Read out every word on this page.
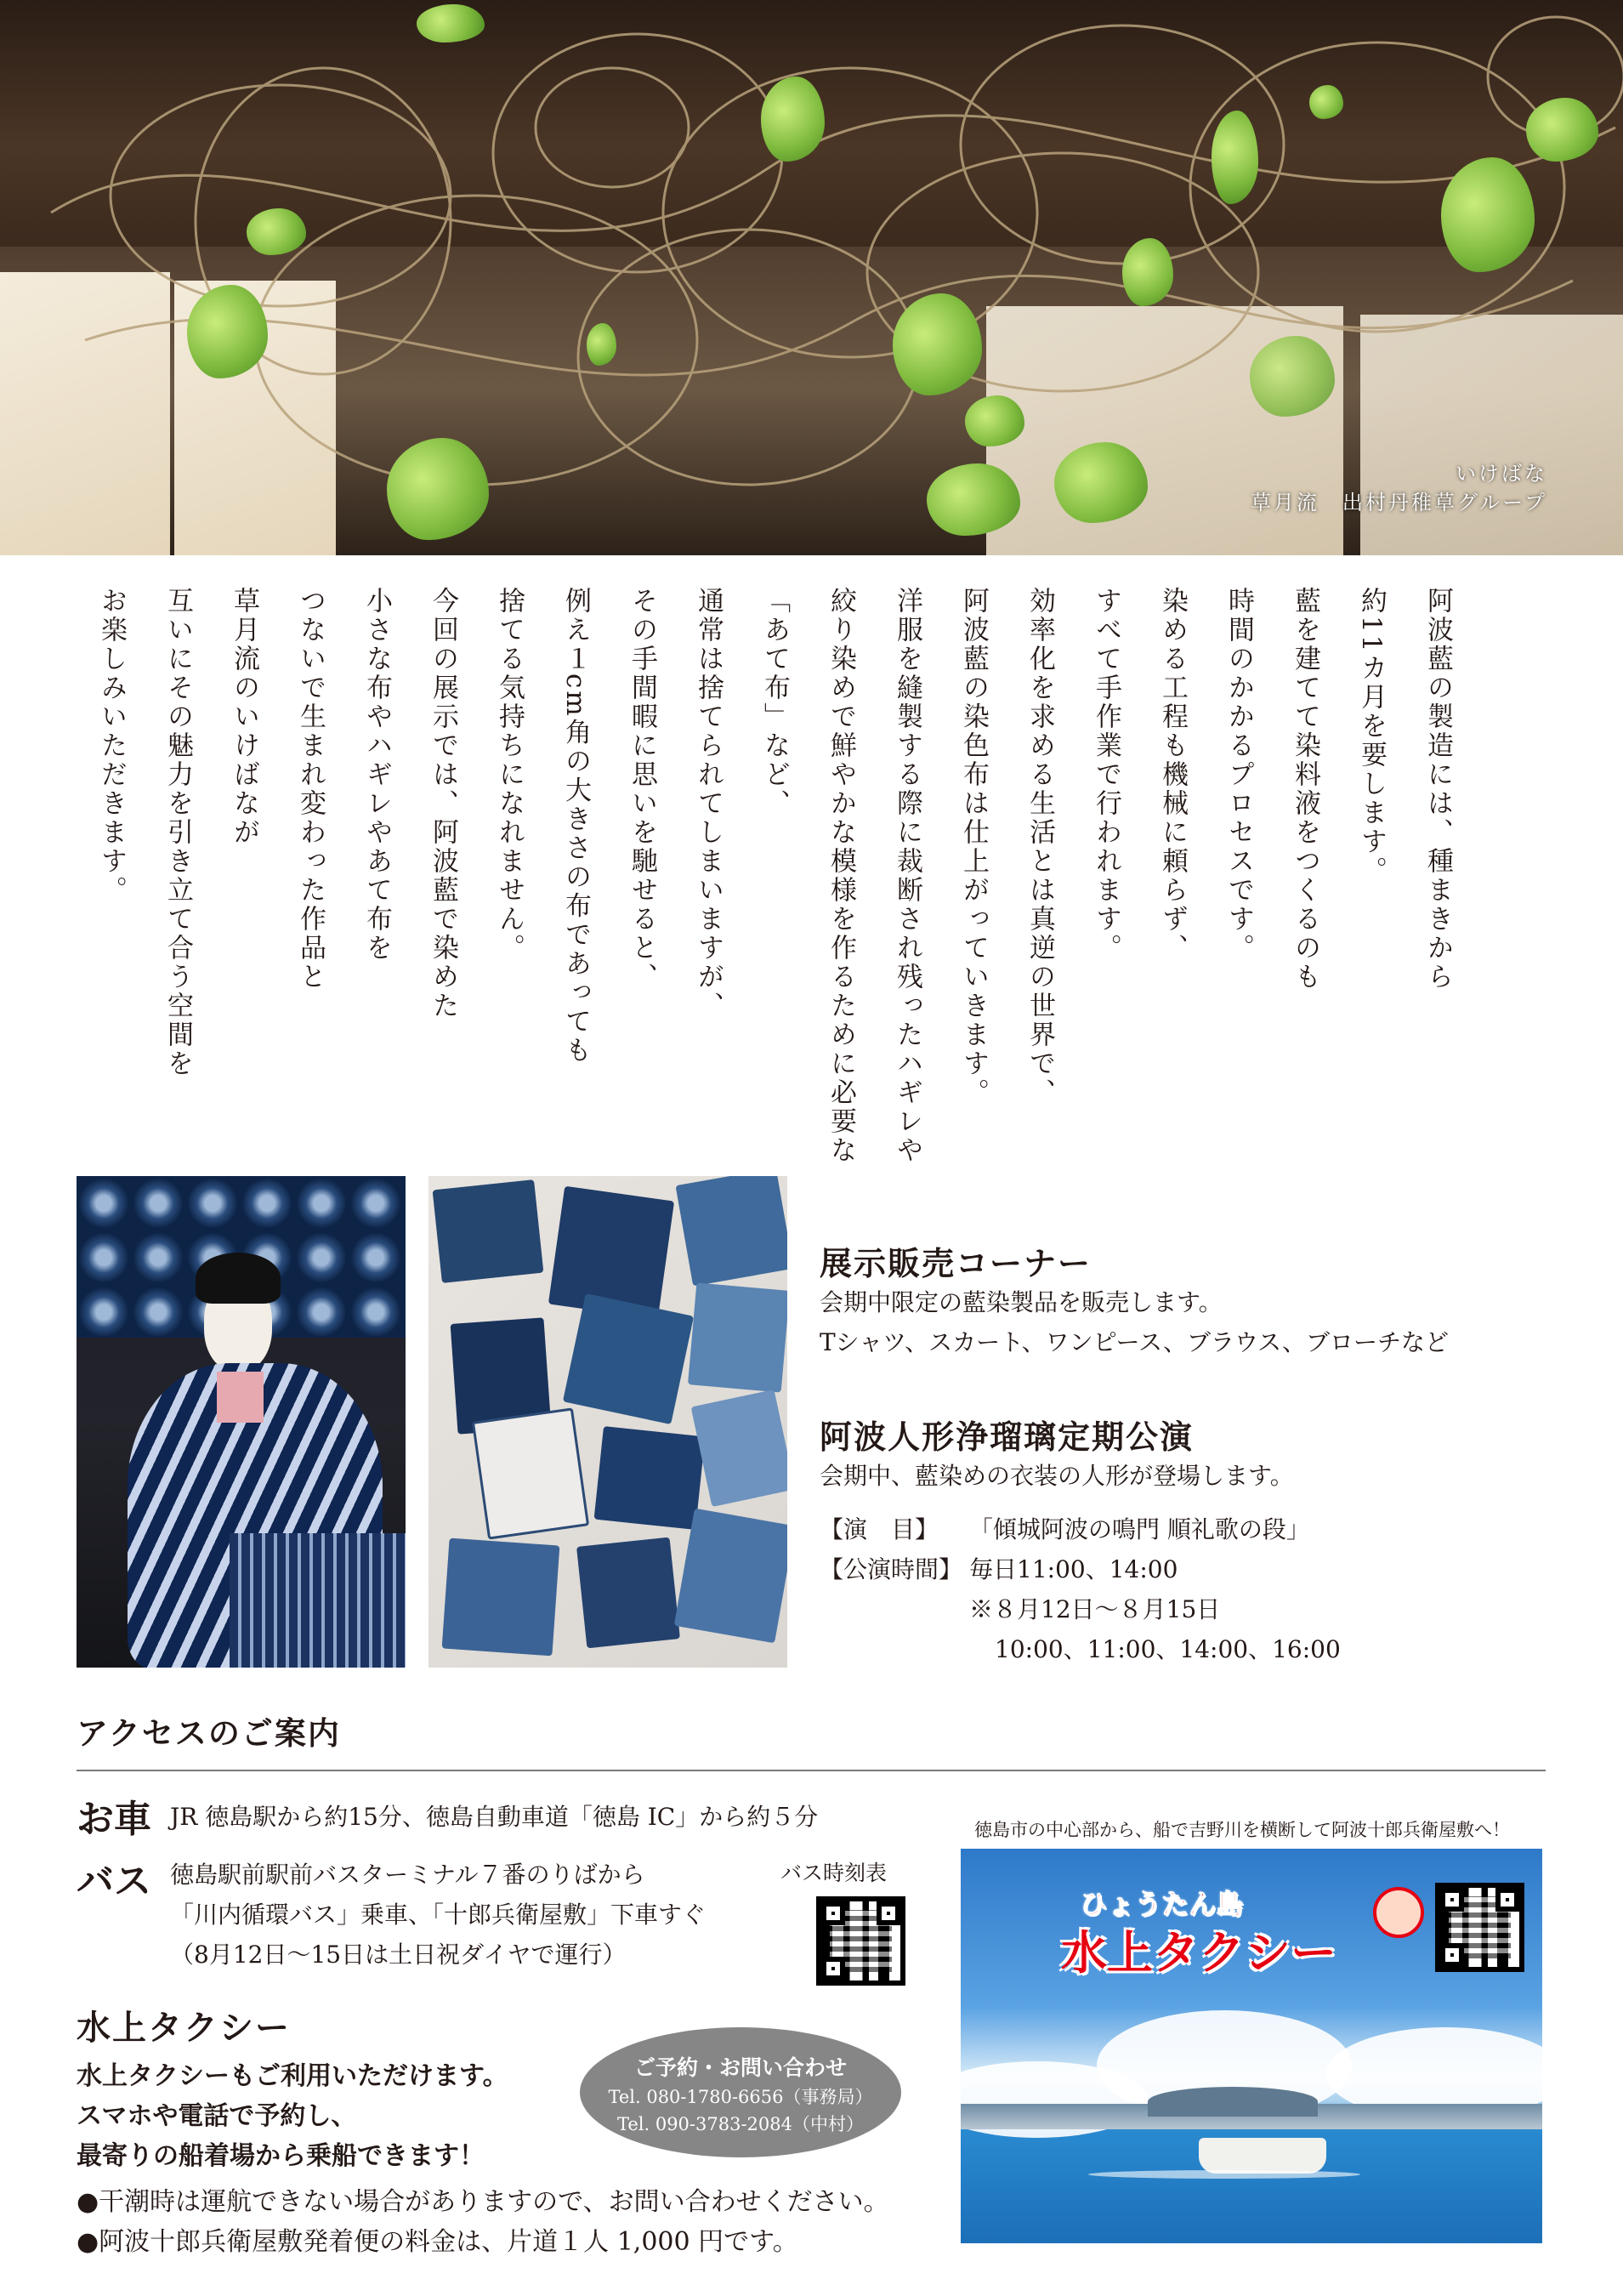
いけばな
草月流　出村丹稚草グループ

阿波藍の製造には、種まきから

約11カ月を要します。

藍を建てて染料液をつくるのも

時間のかかるプロセスです。

染める工程も機械に頼らず、

すべて手作業で行われます。

効率化を求める生活とは真逆の世界で、

阿波藍の染色布は仕上がっていきます。

洋服を縫製する際に裁断され残ったハギレや

絞り染めで鮮やかな模様を作るために必要な

「あて布」など、

通常は捨てられてしまいますが、

その手間暇に思いを馳せると、

例え１cm角の大きさの布であっても

捨てる気持ちになれません。

今回の展示では、阿波藍で染めた

小さな布やハギレやあて布を

つないで生まれ変わった作品と

草月流のいけばなが

互いにその魅力を引き立て合う空間を

お楽しみいただきます。

展示販売コーナー
会期中限定の藍染製品を販売します。
Tシャツ、スカート、ワンピース、ブラウス、ブローチなど
阿波人形浄瑠璃定期公演
会期中、藍染めの衣装の人形が登場します。
【演　目】 「傾城阿波の鳴門 順礼歌の段」
【公演時間】 毎日11:00、14:00
※８月12日～８月15日
10:00、11:00、14:00、16:00
アクセスのご案内
お車 JR 徳島駅から約15分、徳島自動車道「徳島 IC」から約５分
バス 徳島駅前駅前バスターミナル７番のりばから
「川内循環バス」乗車、「十郎兵衛屋敷」下車すぐ
（8月12日～15日は土日祝ダイヤで運行）
バス時刻表
水上タクシー
水上タクシーもご利用いただけます。
スマホや電話で予約し、
最寄りの船着場から乗船できます！
●干潮時は運航できない場合がありますので、お問い合わせください。
●阿波十郎兵衛屋敷発着便の料金は、片道１人 1,000 円です。
ご予約・お問い合わせ
Tel. 080-1780-6656（事務局）
Tel. 090-3783-2084（中村）
徳島市の中心部から、船で吉野川を横断して阿波十郎兵衛屋敷へ！
ひょうたん島
水上タクシー
